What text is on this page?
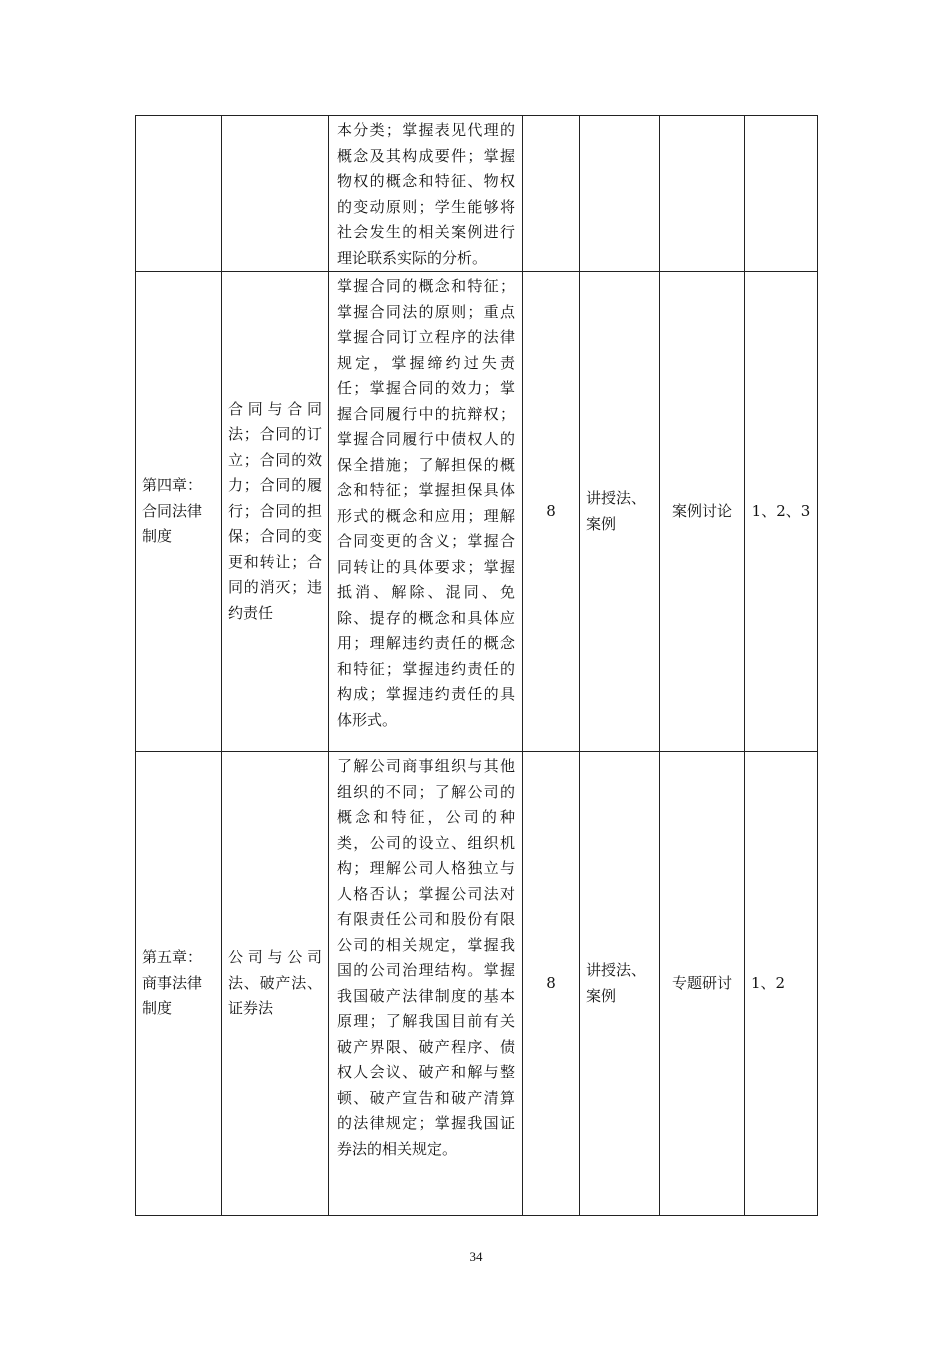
		本分类；掌握表见代理的概念及其构成要件；掌握物权的概念和特征、物权的变动原则；学生能够将社会发生的相关案例进行理论联系实际的分析。				

第四章：合同法律制度	合同与合同法；合同的订立；合同的效力；合同的履行；合同的担保；合同的变更和转让；合同的消灭；违约责任	掌握合同的概念和特征；掌握合同法的原则；重点掌握合同订立程序的法律规定，掌握缔约过失责任；掌握合同的效力；掌握合同履行中的抗辩权；掌握合同履行中债权人的保全措施；了解担保的概念和特征；掌握担保具体形式的概念和应用；理解合同变更的含义；掌握合同转让的具体要求；掌握抵消、解除、混同、免除、提存的概念和具体应用；理解违约责任的概念和特征；掌握违约责任的构成；掌握违约责任的具体形式。	8	讲授法、案例	案例讨论	1、2、3

第五章：商事法律制度	公司与公司法、破产法、证券法	了解公司商事组织与其他组织的不同；了解公司的概念和特征，公司的种类，公司的设立、组织机构；理解公司人格独立与人格否认；掌握公司法对有限责任公司和股份有限公司的相关规定，掌握我国的公司治理结构。掌握我国破产法律制度的基本原理；了解我国目前有关破产界限、破产程序、债权人会议、破产和解与整顿、破产宣告和破产清算的法律规定；掌握我国证券法的相关规定。	8	讲授法、案例	专题研讨	1、2
34
